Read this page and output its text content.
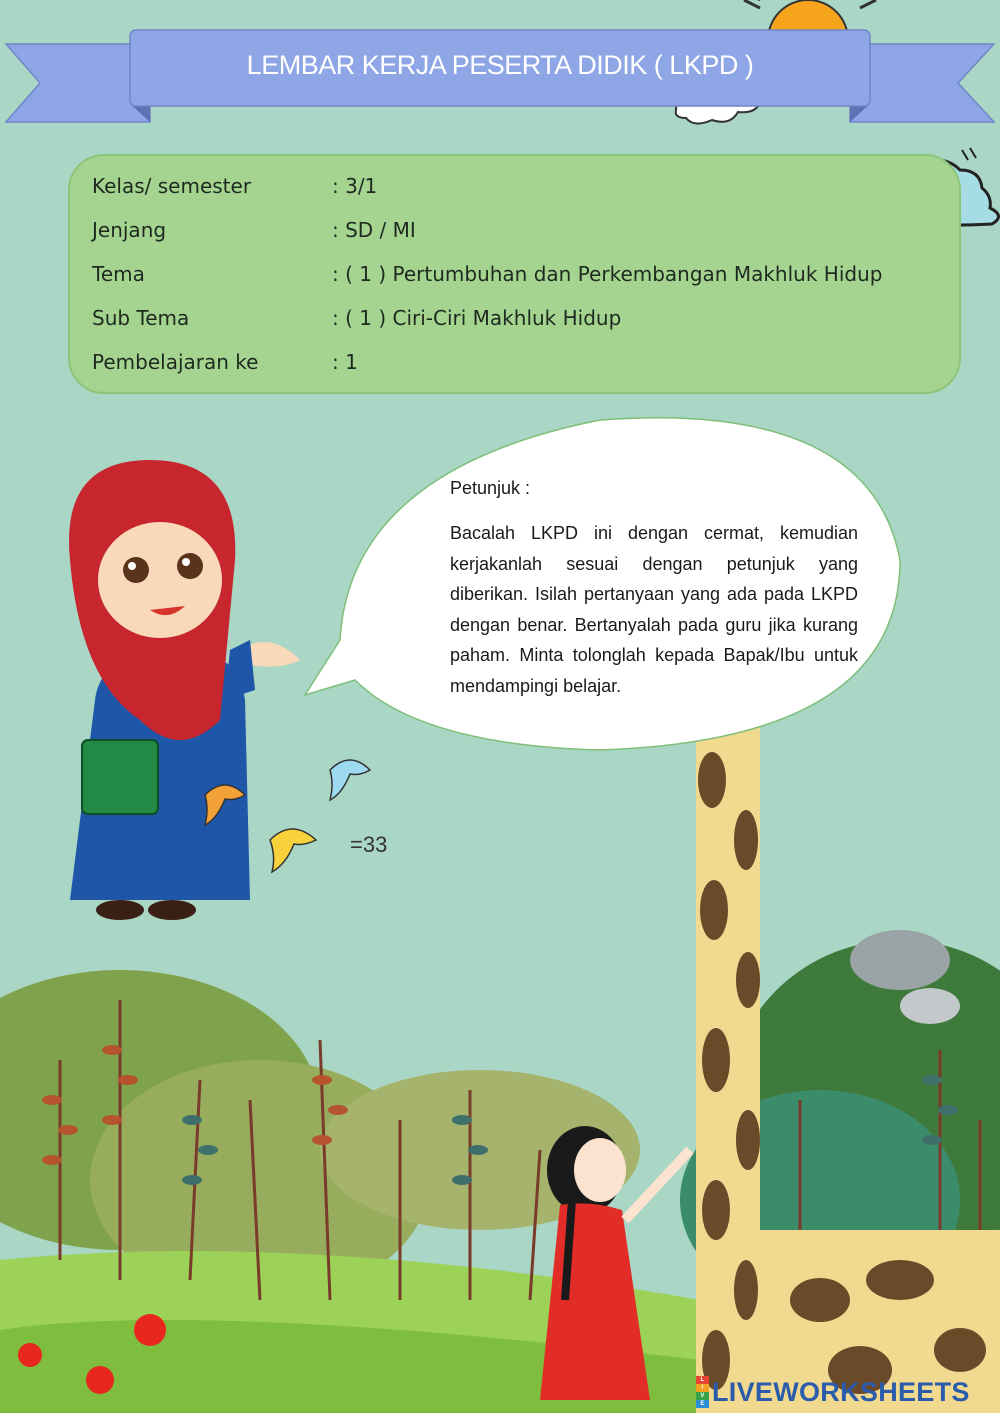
=33
LEMBAR KERJA PESERTA DIDIK ( LKPD )
Kelas/ semester	: 3/1
Jenjang	: SD / MI
Tema	: ( 1 ) Pertumbuhan dan Perkembangan Makhluk Hidup
Sub Tema	: ( 1 ) Ciri-Ciri Makhluk Hidup
Pembelajaran ke	: 1
Petunjuk :
Bacalah LKPD ini dengan cermat, kemudian kerjakanlah sesuai dengan petunjuk yang diberikan. Isilah pertanyaan yang ada pada LKPD dengan benar. Bertanyalah pada guru jika kurang paham. Minta tolonglah kepada Bapak/Ibu untuk mendampingi belajar.
L
I
V
E LIVEWORKSHEETS
